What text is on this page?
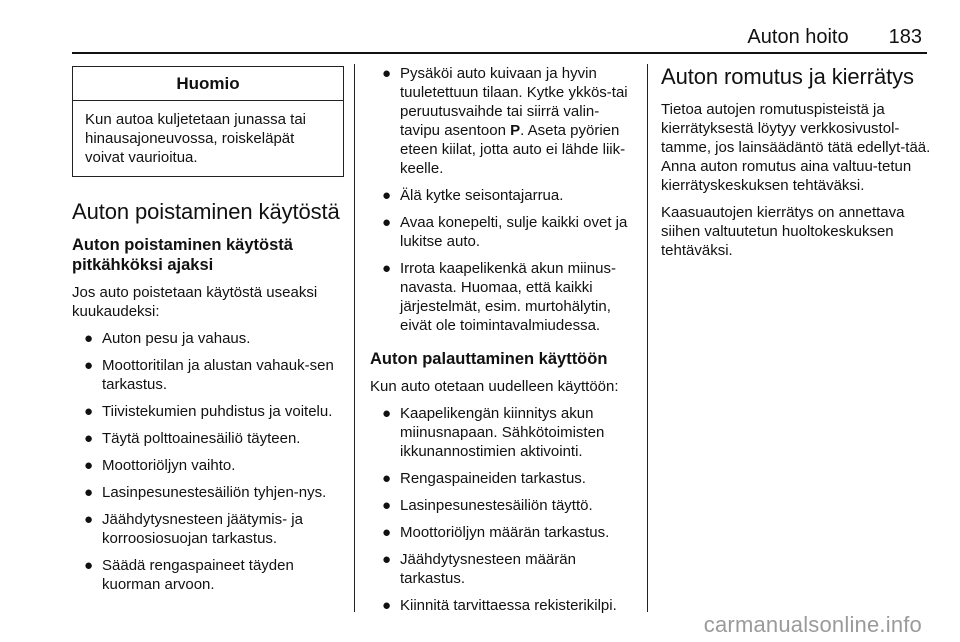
Auton hoito 183
Huomio
Kun autoa kuljetetaan junassa tai hinausajoneuvossa, roiskeläpät voivat vaurioitua.
Auton poistaminen käytöstä
Auton poistaminen käytöstä pitkähköksi ajaksi
Jos auto poistetaan käytöstä useaksi kuukaudeksi:
● Auton pesu ja vahaus.
● Moottoritilan ja alustan vahauk-sen tarkastus.
● Tiivistekumien puhdistus ja voitelu.
● Täytä polttoainesäiliö täyteen.
● Moottoriöljyn vaihto.
● Lasinpesunestesäiliön tyhjen-nys.
● Jäähdytysnesteen jäätymis- ja korroosiosuojan tarkastus.
● Säädä rengaspaineet täyden kuorman arvoon.
● Pysäköi auto kuivaan ja hyvin tuuletettuun tilaan. Kytke ykkös-tai peruutusvaihde tai siirrä valin-tavipu asentoon P. Aseta pyörien eteen kiilat, jotta auto ei lähde liik-keelle.
● Älä kytke seisontajarrua.
● Avaa konepelti, sulje kaikki ovet ja lukitse auto.
● Irrota kaapelikenkä akun miinus-navasta. Huomaa, että kaikki järjestelmät, esim. murtohälytin, eivät ole toimintavalmiudessa.
Auton palauttaminen käyttöön
Kun auto otetaan uudelleen käyttöön:
● Kaapelikengän kiinnitys akun miinusnapaan. Sähkötoimisten ikkunannostimien aktivointi.
● Rengaspaineiden tarkastus.
● Lasinpesunestesäiliön täyttö.
● Moottoriöljyn määrän tarkastus.
● Jäähdytysnesteen määrän tarkastus.
● Kiinnitä tarvittaessa rekisterikilpi.
Auton romutus ja kierrätys
Tietoa autojen romutuspisteistä ja kierrätyksestä löytyy verkkosivustol-tamme, jos lainsäädäntö tätä edellyt-tää. Anna auton romutus aina valtuu-tetun kierrätyskeskuksen tehtäväksi.
Kaasuautojen kierrätys on annettava siihen valtuutetun huoltokeskuksen tehtäväksi.
carmanualsonline.info
